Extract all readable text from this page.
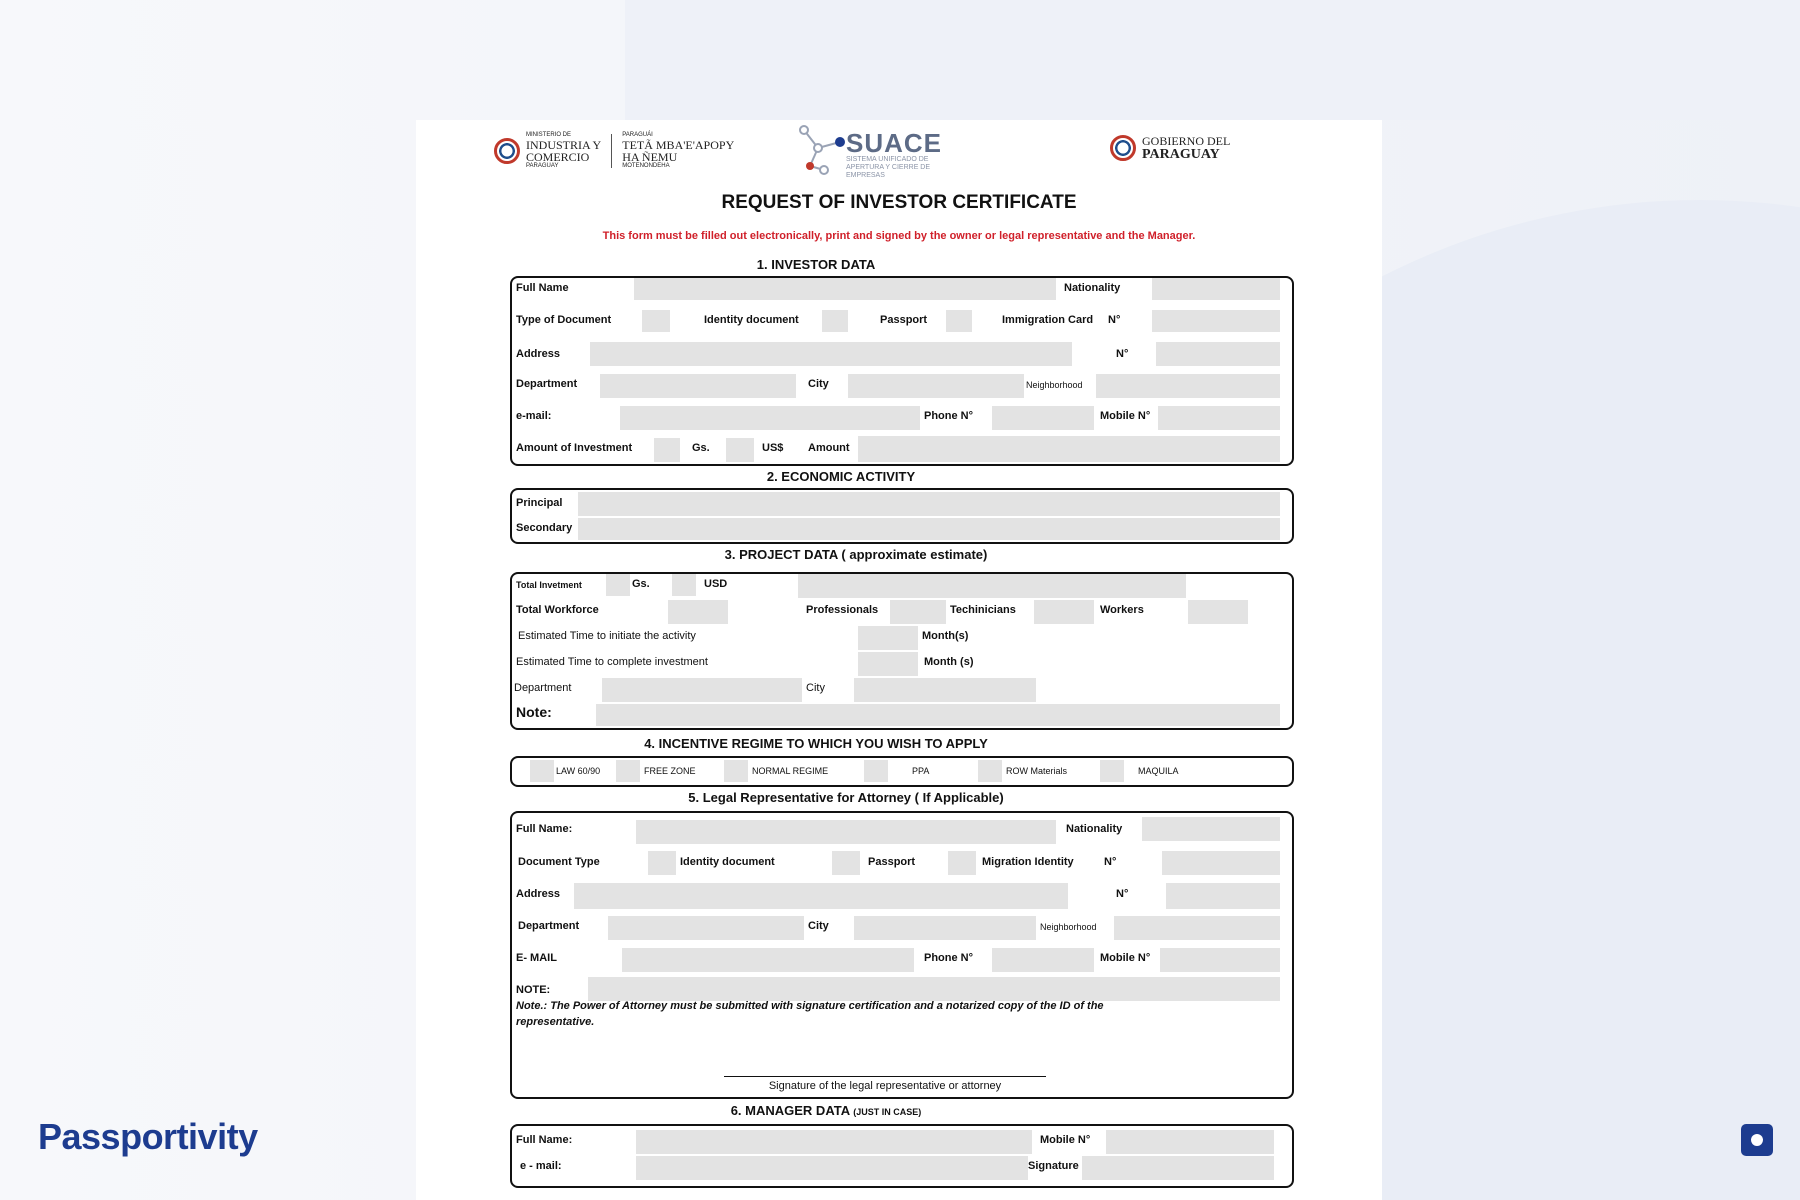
MINISTERIO DE
INDUSTRIA Y
COMERCIO
PARAGUAY
PARAGUÁI
TETÃ MBA'E'APOPY
HA ÑEMU
MOTENONDEHA
SUACE
SISTEMA UNIFICADO DE APERTURA Y CIERRE DE EMPRESAS
GOBIERNO DEL
PARAGUAY
REQUEST OF INVESTOR CERTIFICATE
This form must be filled out electronically, print and signed by the owner or legal representative and the Manager.
1. INVESTOR DATA
Full Name	Nationality
Type of Document	Identity document	Passport	Immigration Card N°
Address	N°
Department	City	Neighborhood
e-mail:	Phone N°	Mobile N°
Amount of Investment	Gs.	US$ Amount
2. ECONOMIC ACTIVITY
Principal
Secondary
3. PROJECT DATA ( approximate estimate)
Total Invetment	Gs.	USD
Total Workforce	Professionals	Techinicians	Workers
Estimated Time to initiate the activity	Month(s)
Estimated Time to complete investment	Month (s)
Department	City
Note:
4. INCENTIVE REGIME TO WHICH YOU WISH TO APPLY
LAW 60/90	FREE ZONE	NORMAL REGIME	PPA	ROW Materials	MAQUILA
5. Legal Representative for Attorney ( If Applicable)
Full Name:	Nationality
Document Type	Identity document	Passport	Migration Identity	N°
Address	N°
Department	City	Neighborhood
E- MAIL	Phone N°	Mobile N°
NOTE:
Note.: The Power of Attorney must be submitted with signature certification and a notarized copy of the ID of the representative.
Signature of the legal representative or attorney
6. MANAGER DATA (JUST IN CASE)
Full Name:	Mobile N°
e - mail:	Signature
Passportivity
